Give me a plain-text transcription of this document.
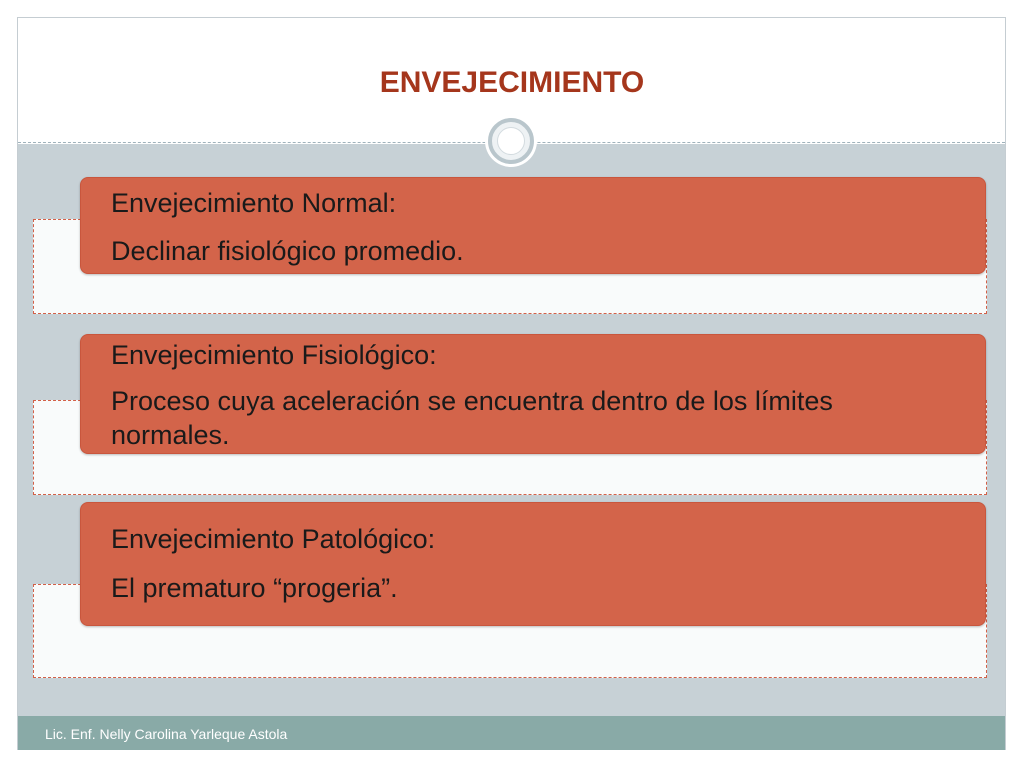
ENVEJECIMIENTO

Envejecimiento Normal:

Declinar fisiológico promedio.

Envejecimiento Fisiológico:

Proceso cuya aceleración se encuentra dentro de los límites normales.

Envejecimiento Patológico:

El prematuro “progeria”.

Lic. Enf. Nelly Carolina Yarleque Astola
